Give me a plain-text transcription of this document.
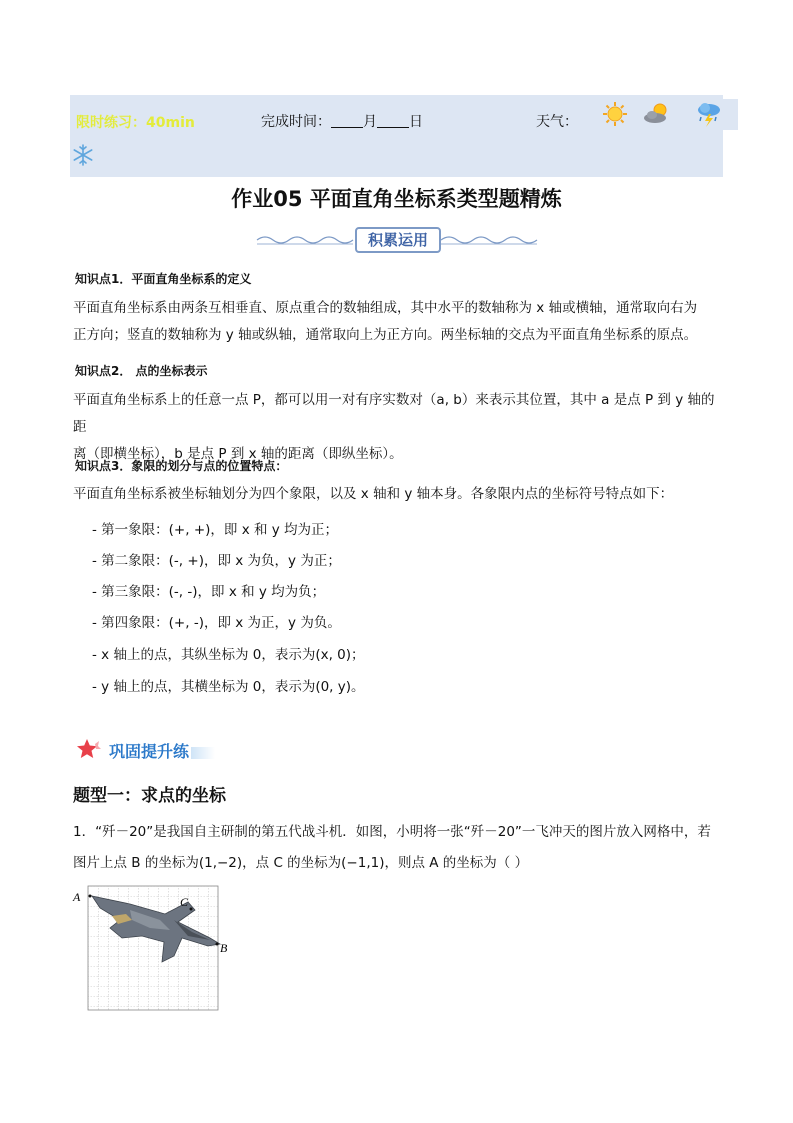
限时练习：40min	完成时间： 月 日	天气：
作业05 平面直角坐标系类型题精炼
积累运用
知识点1．平面直角坐标系的定义
平面直角坐标系由两条互相垂直、原点重合的数轴组成，其中水平的数轴称为 x 轴或横轴，通常取向右为
正方向；竖直的数轴称为 y 轴或纵轴，通常取向上为正方向。两坐标轴的交点为平面直角坐标系的原点。
知识点2． 点的坐标表示
平面直角坐标系上的任意一点 P，都可以用一对有序实数对（a, b）来表示其位置，其中 a 是点 P 到 y 轴的距
离（即横坐标），b 是点 P 到 x 轴的距离（即纵坐标）。
知识点3．象限的划分与点的位置特点：
平面直角坐标系被坐标轴划分为四个象限，以及 x 轴和 y 轴本身。各象限内点的坐标符号特点如下：
- 第一象限：(+, +)，即 x 和 y 均为正；
- 第二象限：(-, +)，即 x 为负，y 为正；
- 第三象限：(-, -)，即 x 和 y 均为负；
- 第四象限：(+, -)，即 x 为正，y 为负。
- x 轴上的点，其纵坐标为 0，表示为(x, 0)；
- y 轴上的点，其横坐标为 0，表示为(0, y)。
巩固提升练
题型一：求点的坐标
1．“歼－20”是我国自主研制的第五代战斗机．如图，小明将一张“歼－20”一飞冲天的图片放入网格中，若
图片上点 B 的坐标为(1,−2)，点 C 的坐标为(−1,1)，则点 A 的坐标为（ ）
A	C
B
